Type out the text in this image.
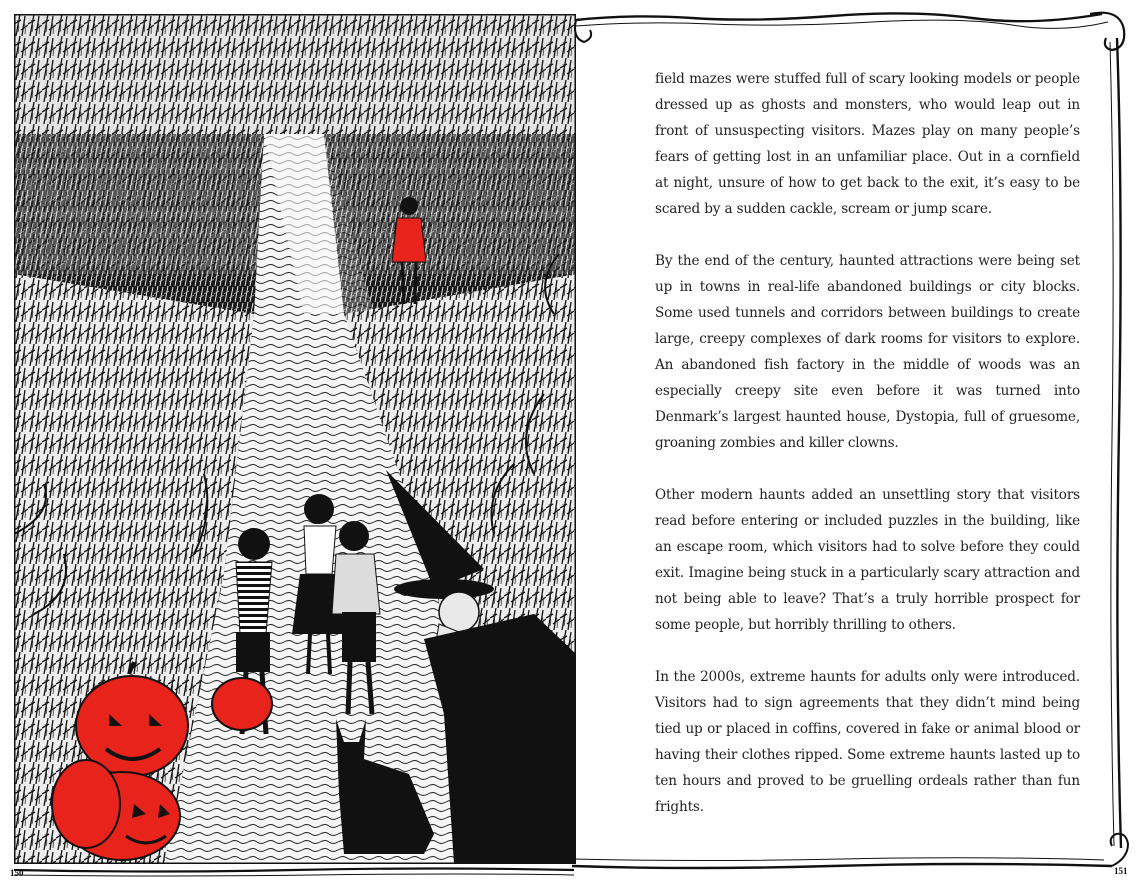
field mazes were stuffed full of scary looking models or people dressed up as ghosts and monsters, who would leap out in front of unsuspecting visitors. Mazes play on many people’s fears of getting lost in an unfamiliar place. Out in a cornfield at night, unsure of how to get back to the exit, it’s easy to be scared by a sudden cackle, scream or jump scare.

By the end of the century, haunted attractions were being set up in towns in real-life abandoned buildings or city blocks. Some used tunnels and corridors between buildings to create large, creepy complexes of dark rooms for visitors to explore. An abandoned fish factory in the middle of woods was an especially creepy site even before it was turned into Denmark’s largest haunted house, Dystopia, full of gruesome, groaning zombies and killer clowns.

Other modern haunts added an unsettling story that visitors read before entering or included puzzles in the building, like an escape room, which visitors had to solve before they could exit. Imagine being stuck in a particularly scary attraction and not being able to leave? That’s a truly horrible prospect for some people, but horribly thrilling to others.

In the 2000s, extreme haunts for adults only were introduced. Visitors had to sign agreements that they didn’t mind being tied up or placed in coffins, covered in fake or animal blood or having their clothes ripped. Some extreme haunts lasted up to ten hours and proved to be gruelling ordeals rather than fun frights.

150	151
